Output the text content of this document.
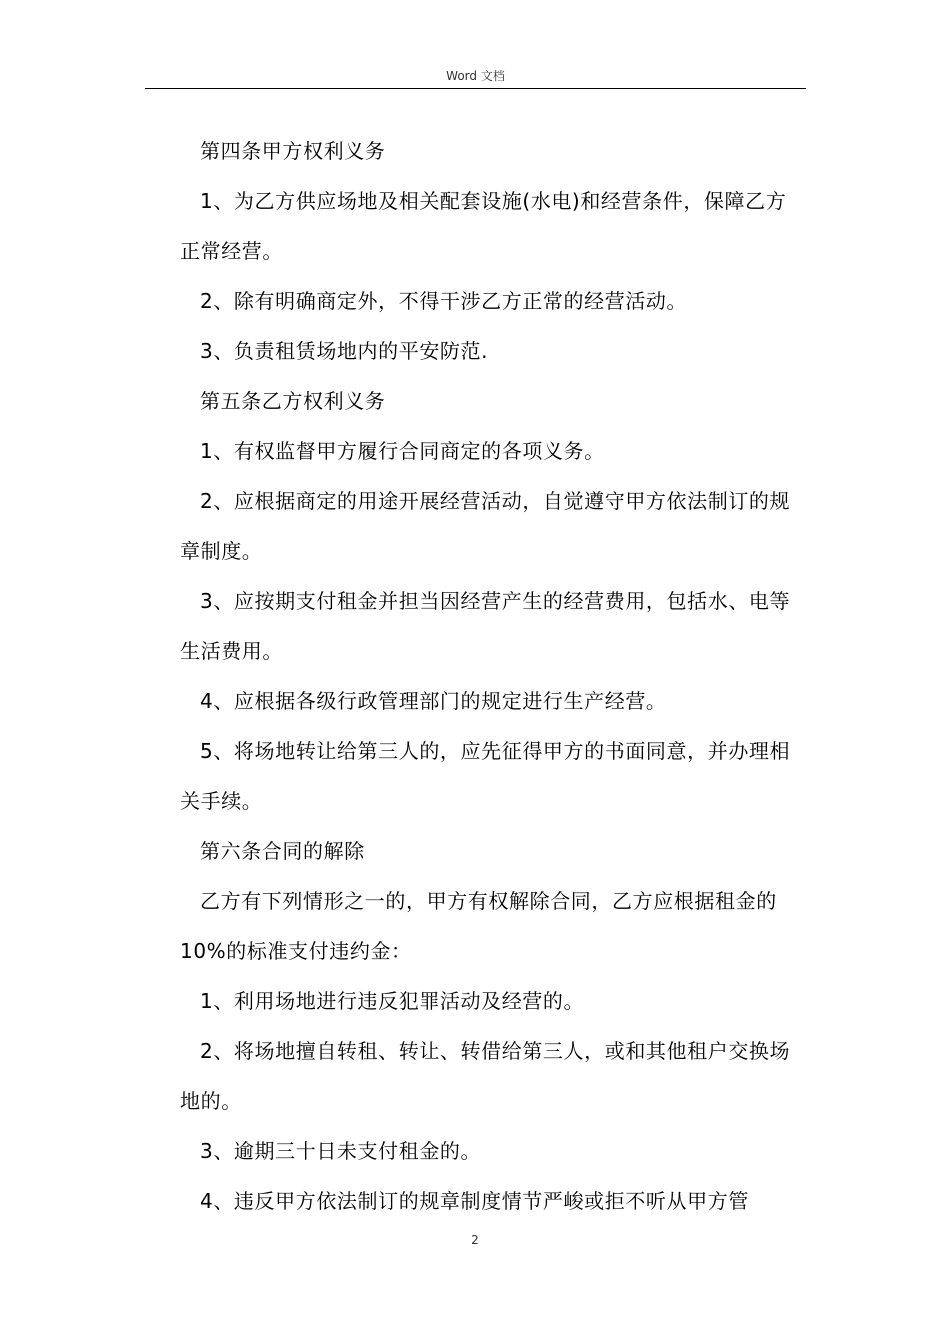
Word 文档

第四条甲方权利义务

1、为乙方供应场地及相关配套设施(水电)和经营条件，保障乙方正常经营。

2、除有明确商定外，不得干涉乙方正常的经营活动。

3、负责租赁场地内的平安防范.

第五条乙方权利义务

1、有权监督甲方履行合同商定的各项义务。

2、应根据商定的用途开展经营活动，自觉遵守甲方依法制订的规章制度。

3、应按期支付租金并担当因经营产生的经营费用，包括水、电等生活费用。

4、应根据各级行政管理部门的规定进行生产经营。

5、将场地转让给第三人的，应先征得甲方的书面同意，并办理相关手续。

第六条合同的解除

乙方有下列情形之一的，甲方有权解除合同，乙方应根据租金的 10%的标准支付违约金：

1、利用场地进行违反犯罪活动及经营的。

2、将场地擅自转租、转让、转借给第三人，或和其他租户交换场地的。

3、逾期三十日未支付租金的。

4、违反甲方依法制订的规章制度情节严峻或拒不听从甲方管

2
